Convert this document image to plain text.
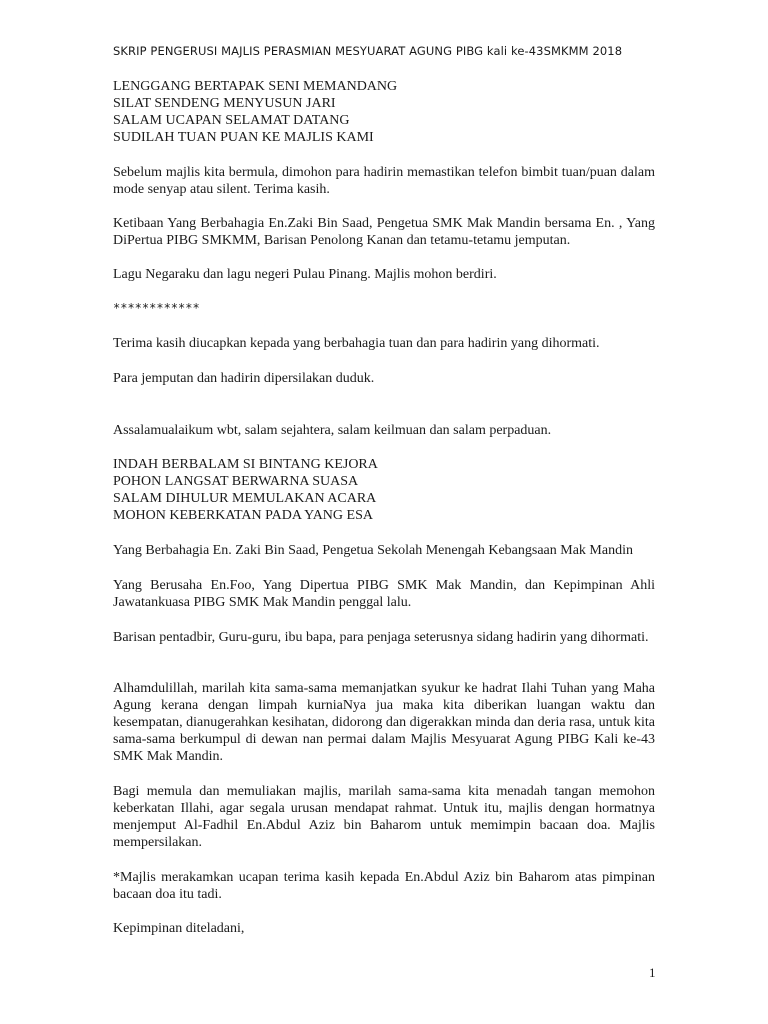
SKRIP PENGERUSI MAJLIS PERASMIAN MESYUARAT AGUNG PIBG kali ke-43SMKMM 2018

LENGGANG BERTAPAK SENI MEMANDANG

SILAT SENDENG MENYUSUN JARI

SALAM UCAPAN SELAMAT DATANG

SUDILAH TUAN PUAN KE MAJLIS KAMI

Sebelum majlis kita bermula, dimohon para hadirin memastikan telefon bimbit tuan/puan dalam mode senyap atau silent. Terima kasih.

Ketibaan Yang Berbahagia En.Zaki Bin Saad, Pengetua SMK Mak Mandin bersama En. , Yang DiPertua PIBG SMKMM, Barisan Penolong Kanan dan tetamu-tetamu jemputan.

Lagu Negaraku dan lagu negeri Pulau Pinang. Majlis mohon berdiri.

************

Terima kasih diucapkan kepada yang berbahagia tuan dan para hadirin yang dihormati.

Para jemputan dan hadirin dipersilakan duduk.

Assalamualaikum wbt, salam sejahtera, salam keilmuan dan salam perpaduan.

INDAH BERBALAM SI BINTANG KEJORA

POHON LANGSAT BERWARNA SUASA

SALAM DIHULUR MEMULAKAN ACARA

MOHON KEBERKATAN PADA YANG ESA

Yang Berbahagia En. Zaki Bin Saad, Pengetua Sekolah Menengah Kebangsaan Mak Mandin

Yang Berusaha En.Foo, Yang Dipertua PIBG SMK Mak Mandin, dan Kepimpinan Ahli Jawatankuasa PIBG SMK Mak Mandin penggal lalu.

Barisan pentadbir, Guru-guru, ibu bapa, para penjaga seterusnya sidang hadirin yang dihormati.

Alhamdulillah, marilah kita sama-sama memanjatkan syukur ke hadrat Ilahi Tuhan yang Maha Agung kerana dengan limpah kurniaNya jua maka kita diberikan luangan waktu dan kesempatan, dianugerahkan kesihatan, didorong dan digerakkan minda dan deria rasa, untuk kita sama-sama berkumpul di dewan nan permai dalam Majlis Mesyuarat Agung PIBG Kali ke-43 SMK Mak Mandin.

Bagi memula dan memuliakan majlis, marilah sama-sama kita menadah tangan memohon keberkatan Illahi, agar segala urusan mendapat rahmat. Untuk itu, majlis dengan hormatnya menjemput Al-Fadhil En.Abdul Aziz bin Baharom untuk memimpin bacaan doa. Majlis mempersilakan.

*Majlis merakamkan ucapan terima kasih kepada En.Abdul Aziz bin Baharom atas pimpinan bacaan doa itu tadi.

Kepimpinan diteladani,

1
